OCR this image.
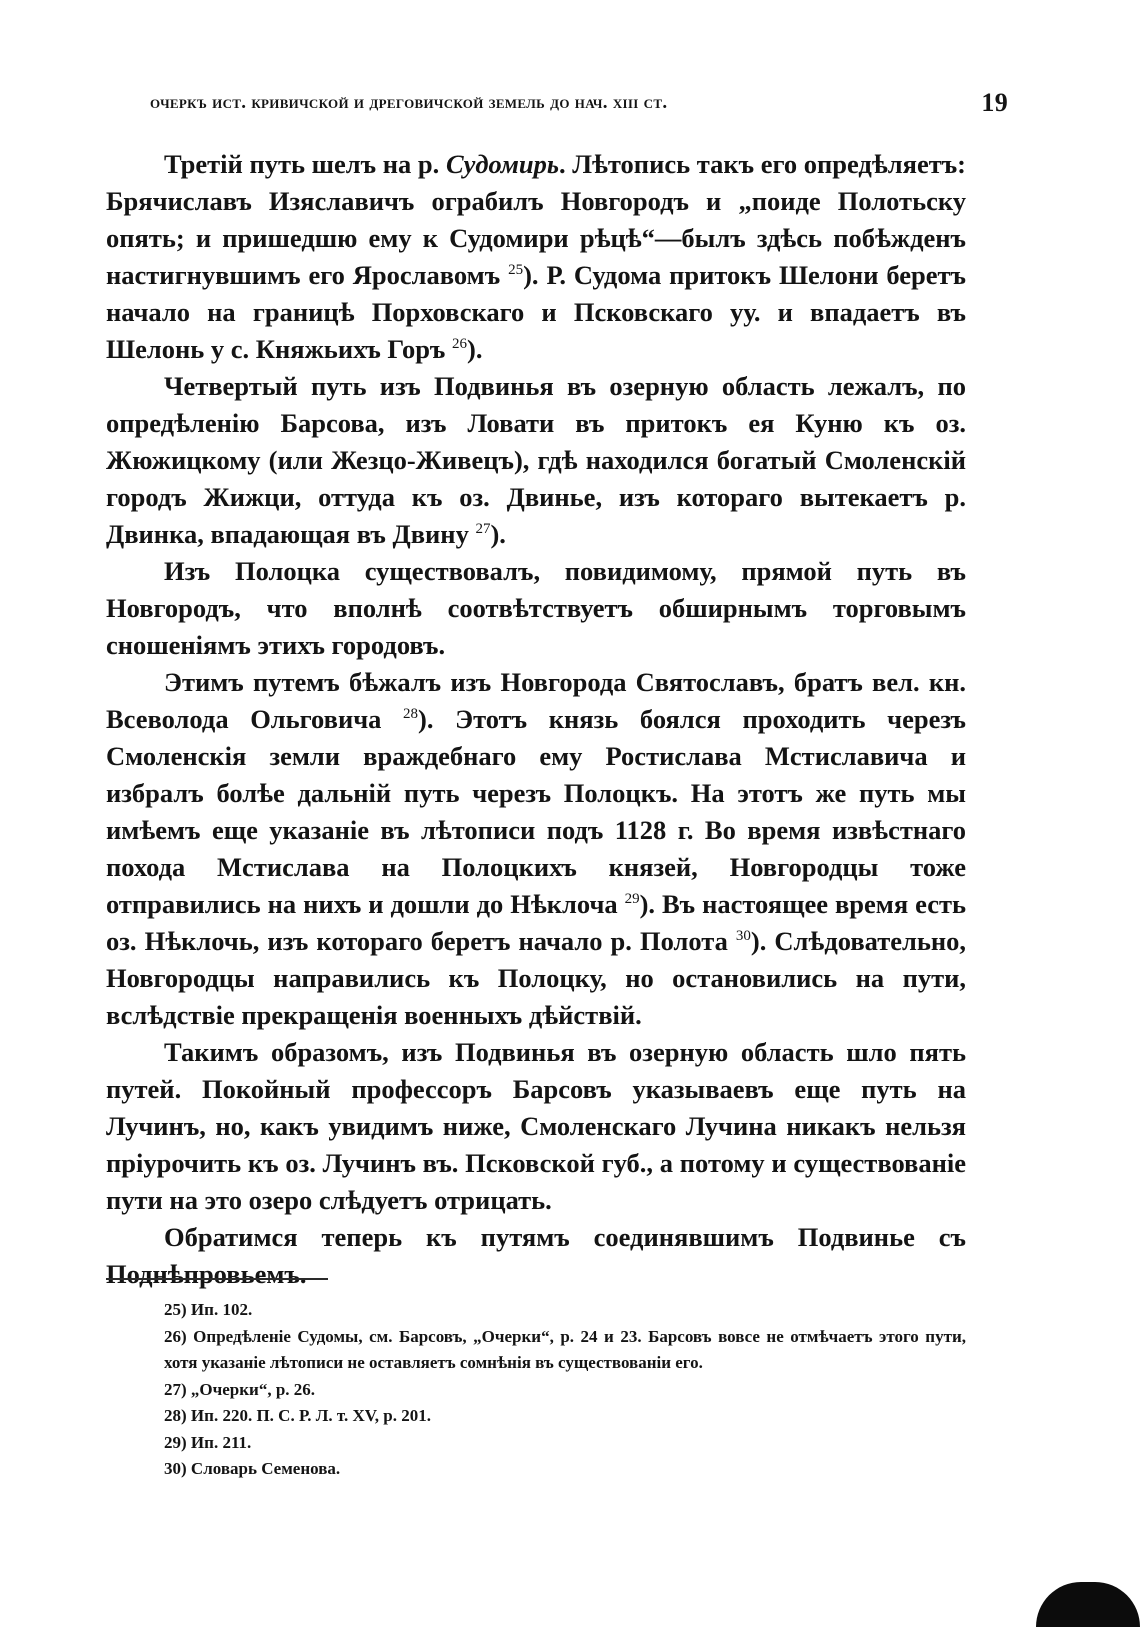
очеркъ ист. кривичской и дреговичской земель до нач. xiii ст.	19

Третій путь шелъ на р. Судомирь. Лѣтопись такъ его опредѣляетъ: Брячиславъ Изяславичъ ограбилъ Новгородъ и „поиде Полотьску опять; и пришедшю ему к Судомири рѣцѣ“—былъ здѣсь побѣжденъ настигнувшимъ его Ярославомъ $^{25}$). Р. Судома притокъ Шелони беретъ начало на границѣ Порховскаго и Псковскаго уу. и впадаетъ въ Шелонь у с. Княжьихъ Горъ $^{26}$).

Четвертый путь изъ Подвинья въ озерную область лежалъ, по опредѣленію Барсова, изъ Ловати въ притокъ ея Куню къ оз. Жюжицкому (или Жезцо-Живецъ), гдѣ находился богатый Смоленскій городъ Жижци, оттуда къ оз. Двинье, изъ котораго вытекаетъ р. Двинка, впадающая въ Двину $^{27}$).

Изъ Полоцка существовалъ, повидимому, прямой путь въ Новгородъ, что вполнѣ соотвѣтствуетъ обширнымъ торговымъ сношеніямъ этихъ городовъ.

Этимъ путемъ бѣжалъ изъ Новгорода Святославъ, братъ вел. кн. Всеволода Ольговича $^{28}$). Этотъ князь боялся проходить черезъ Смоленскія земли враждебнаго ему Ростислава Мстиславича и избралъ болѣе дальній путь черезъ Полоцкъ. На этотъ же путь мы имѣемъ еще указаніе въ лѣтописи подъ 1128 г. Во время извѣстнаго похода Мстислава на Полоцкихъ князей, Новгородцы тоже отправились на нихъ и дошли до Нѣклоча $^{29}$). Въ настоящее время есть оз. Нѣклочь, изъ котораго беретъ начало р. Полота $^{30}$). Слѣдовательно, Новгородцы направились къ Полоцку, но остановились на пути, вслѣдствіе прекращенія военныхъ дѣйствій.

Такимъ образомъ, изъ Подвинья въ озерную область шло пять путей. Покойный профессоръ Барсовъ указываевъ еще путь на Лучинъ, но, какъ увидимъ ниже, Смоленскаго Лучина никакъ нельзя пріурочить къ оз. Лучинъ въ. Псковской губ., а потому и существованіе пути на это озеро слѣдуетъ отрицать.

Обратимся теперь къ путямъ соединявшимъ Подвинье съ Поднѣпровьемъ.

25) Ип. 102.
26) Опредѣленіе Судомы, см. Барсовъ, „Очерки“, р. 24 и 23. Барсовъ вовсе не отмѣчаетъ этого пути, хотя указаніе лѣтописи не оставляетъ сомнѣнія въ существованіи его.
27) „Очерки“, р. 26.
28) Ип. 220. П. С. Р. Л. т. XV, р. 201.
29) Ип. 211.
30) Словарь Семенова.
